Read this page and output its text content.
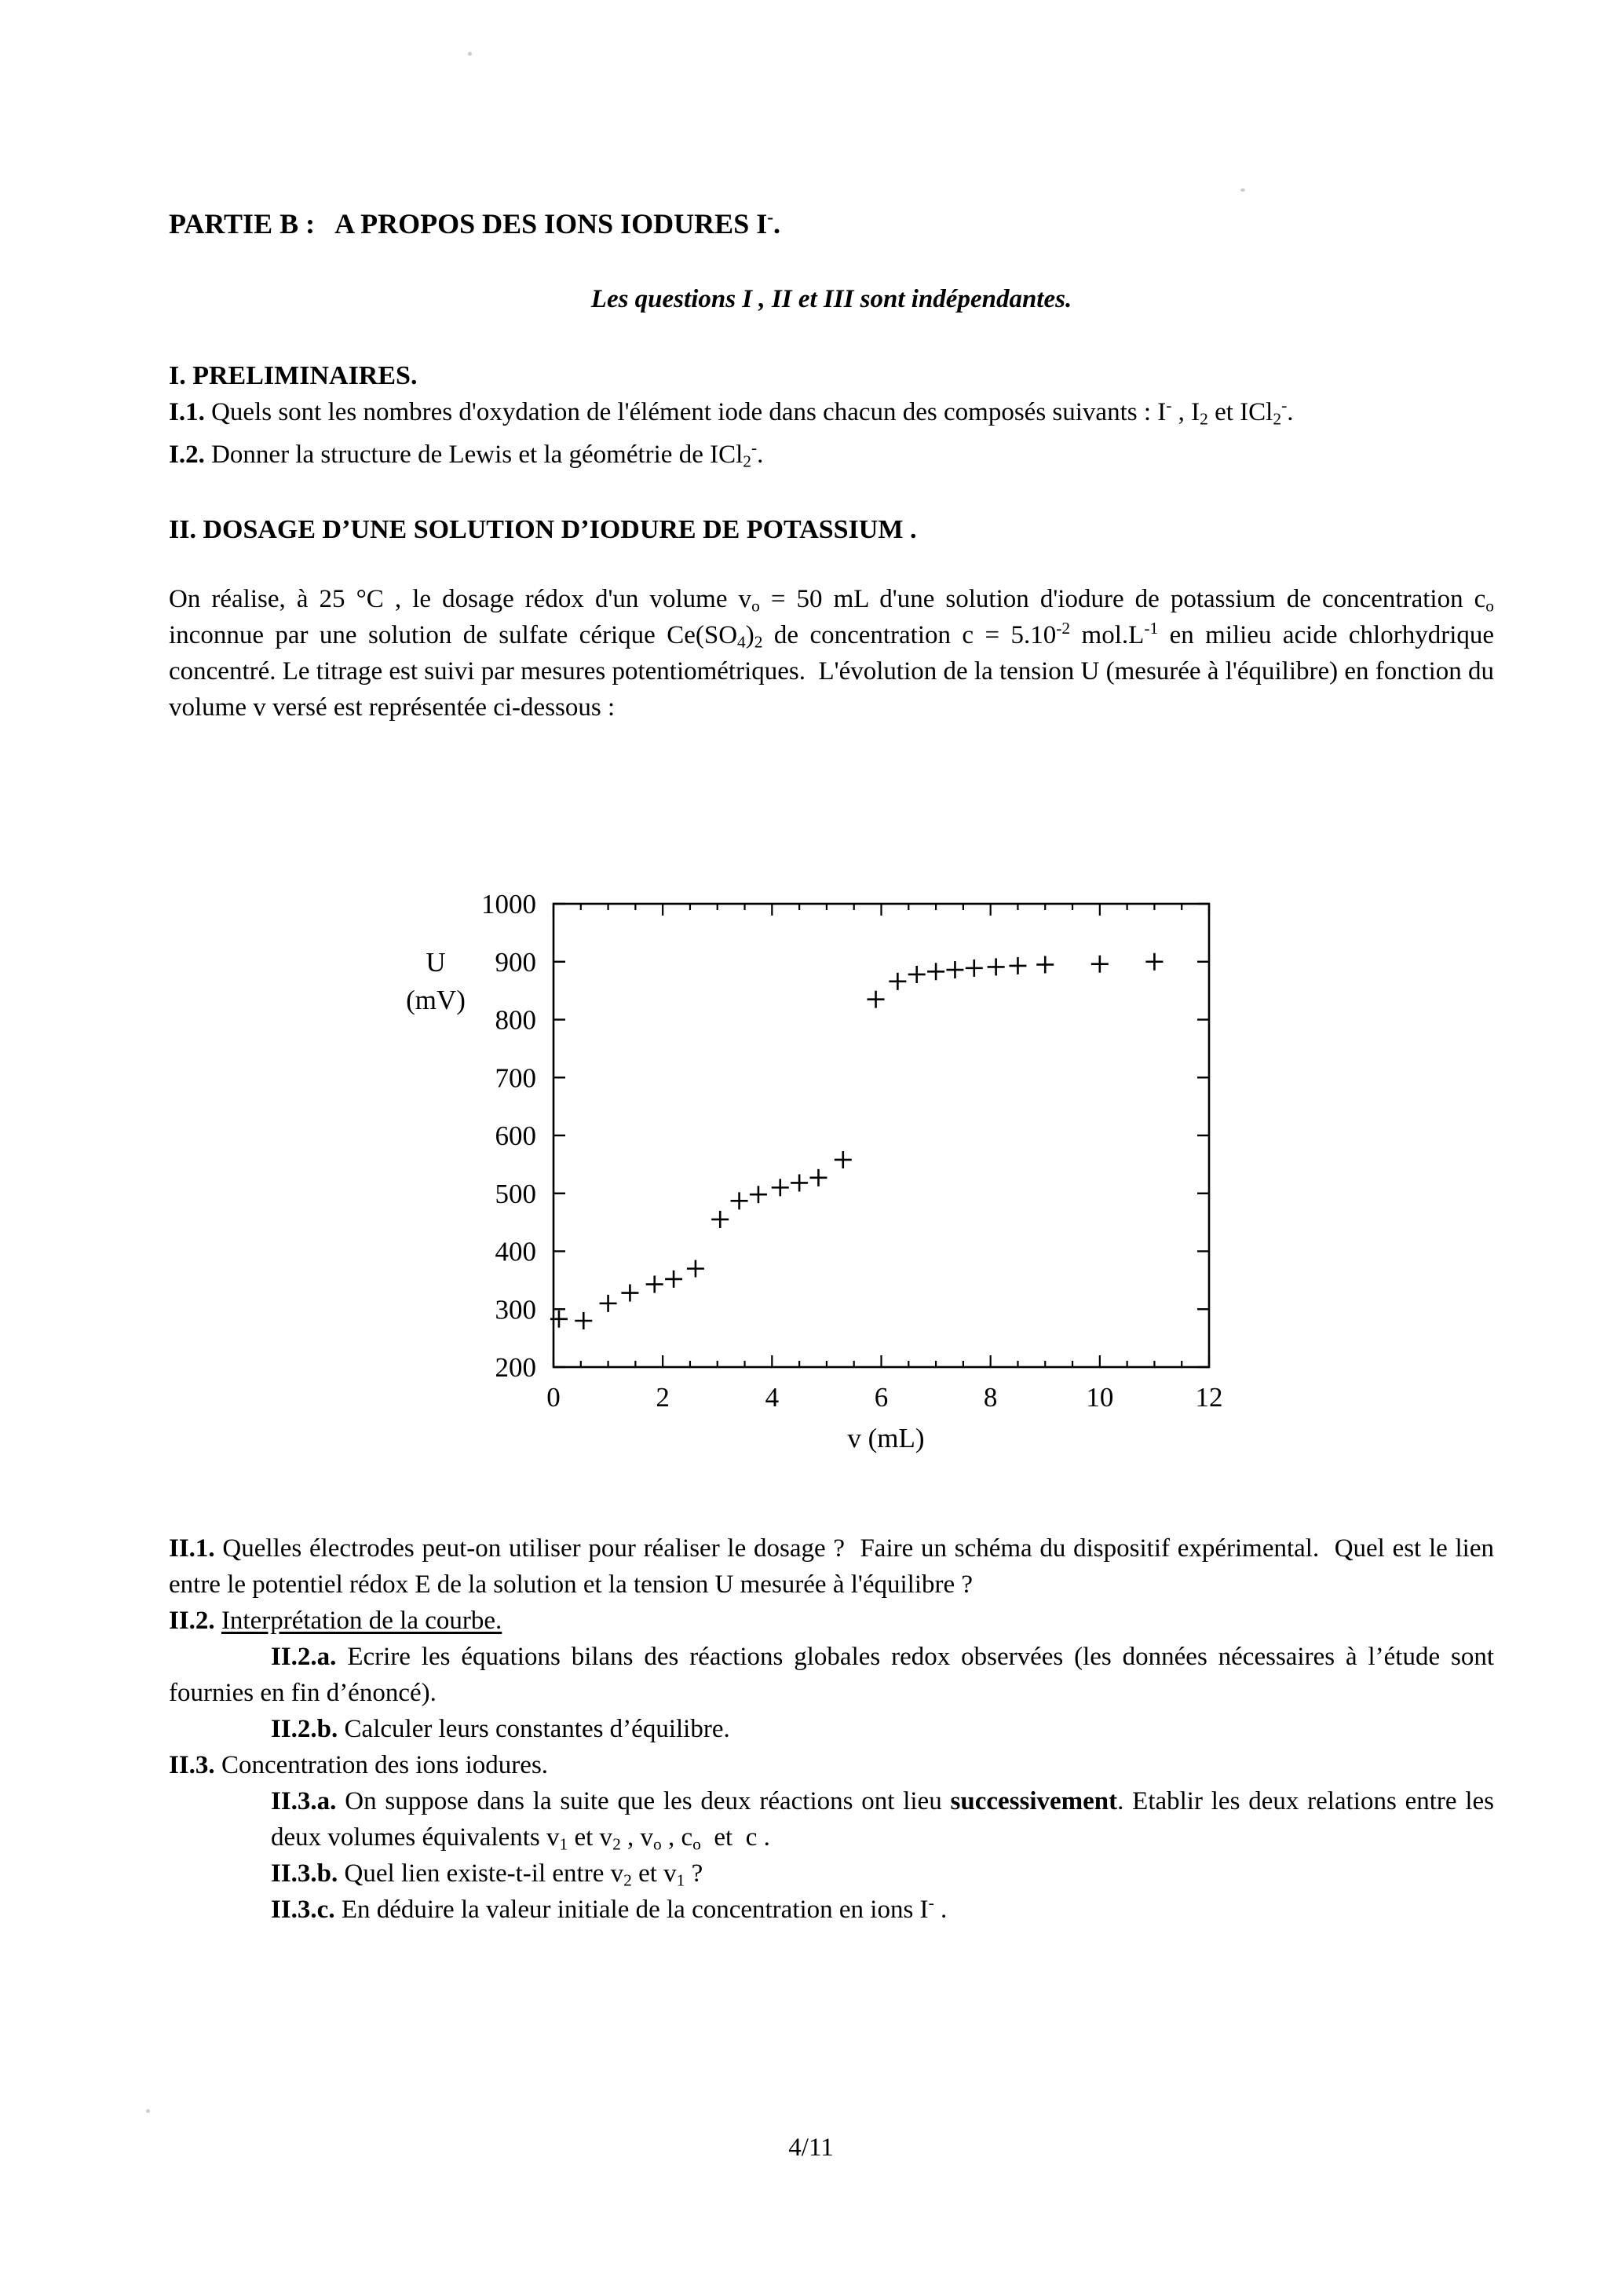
PARTIE B :   A PROPOS DES IONS IODURES I-.

Les questions I , II et III sont indépendantes.

I. PRELIMINAIRES.

I.1. Quels sont les nombres d'oxydation de l'élément iode dans chacun des composés suivants : I- , I2 et ICl2-.

I.2. Donner la structure de Lewis et la géométrie de ICl2-.

II. DOSAGE D’UNE SOLUTION D’IODURE DE POTASSIUM .

On réalise, à 25 °C , le dosage rédox d'un volume vo = 50 mL d'une solution d'iodure de potassium de concentration co inconnue par une solution de sulfate cérique Ce(SO4)2 de concentration $c = 5.10^{-2}$ $mol.L^{-1}$ en milieu acide chlorhydrique concentré. Le titrage est suivi par mesures potentiométriques.  L'évolution de la tension U (mesurée à l'équilibre) en fonction du volume v versé est représentée ci-dessous :

200
300
400
500
600
700
800
900
1000
0	2	4	6	8	10	12
U
(mV)
v (mL)

II.1. Quelles électrodes peut-on utiliser pour réaliser le dosage ?  Faire un schéma du dispositif expérimental.  Quel est le lien entre le potentiel rédox E de la solution et la tension U mesurée à l'équilibre ?

II.2. Interprétation de la courbe.

II.2.a. Ecrire les équations bilans des réactions globales redox observées (les données nécessaires à l’étude sont fournies en fin d’énoncé).

II.2.b. Calculer leurs constantes d’équilibre.

II.3. Concentration des ions iodures.

II.3.a. On suppose dans la suite que les deux réactions ont lieu successivement. Etablir les deux relations entre les deux volumes équivalents v1 et v2 , vo , co  et  c .

II.3.b. Quel lien existe-t-il entre v2 et v1 ?

II.3.c. En déduire la valeur initiale de la concentration en ions I- .

4/11
